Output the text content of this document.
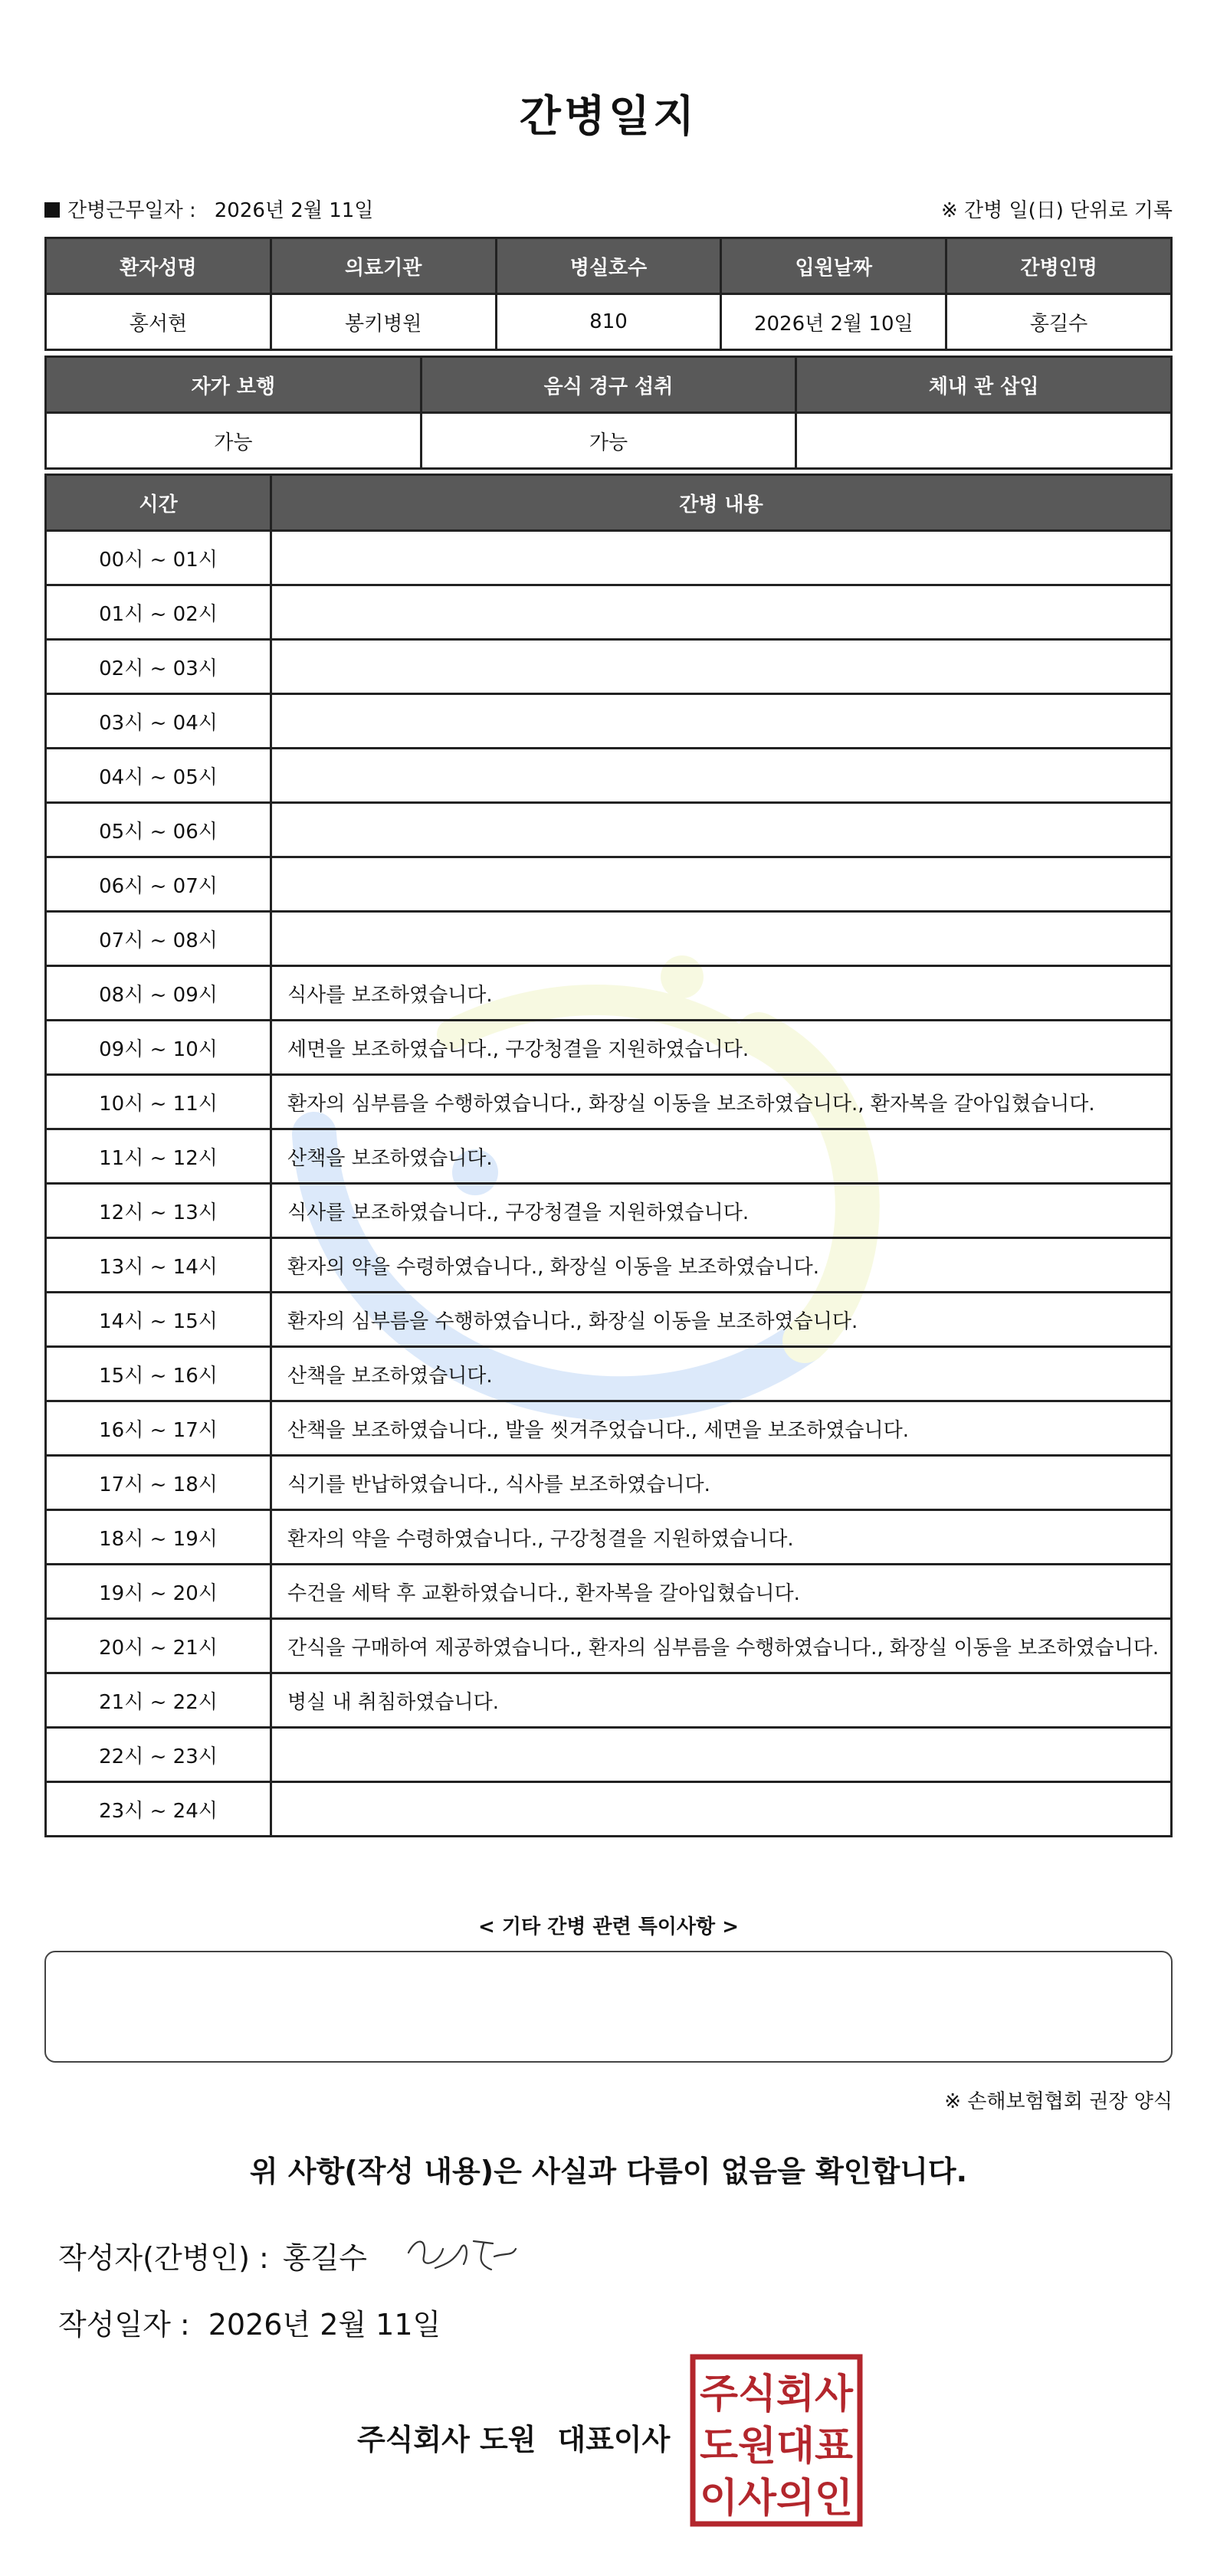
간병일지
간병근무일자 : 2026년 2월 11일	※ 간병 일(日) 단위로 기록
환자성명	의료기관	병실호수	입원날짜	간병인명
홍서현	봉키병원	810	2026년 2월 10일	홍길수
자가 보행	음식 경구 섭취	체내 관 삽입
가능	가능	
시간	간병 내용
00시 ~ 01시	
01시 ~ 02시	
02시 ~ 03시	
03시 ~ 04시	
04시 ~ 05시	
05시 ~ 06시	
06시 ~ 07시	
07시 ~ 08시	
08시 ~ 09시	식사를 보조하였습니다.
09시 ~ 10시	세면을 보조하였습니다., 구강청결을 지원하였습니다.
10시 ~ 11시	환자의 심부름을 수행하였습니다., 화장실 이동을 보조하였습니다., 환자복을 갈아입혔습니다.
11시 ~ 12시	산책을 보조하였습니다.
12시 ~ 13시	식사를 보조하였습니다., 구강청결을 지원하였습니다.
13시 ~ 14시	환자의 약을 수령하였습니다., 화장실 이동을 보조하였습니다.
14시 ~ 15시	환자의 심부름을 수행하였습니다., 화장실 이동을 보조하였습니다.
15시 ~ 16시	산책을 보조하였습니다.
16시 ~ 17시	산책을 보조하였습니다., 발을 씻겨주었습니다., 세면을 보조하였습니다.
17시 ~ 18시	식기를 반납하였습니다., 식사를 보조하였습니다.
18시 ~ 19시	환자의 약을 수령하였습니다., 구강청결을 지원하였습니다.
19시 ~ 20시	수건을 세탁 후 교환하였습니다., 환자복을 갈아입혔습니다.
20시 ~ 21시	간식을 구매하여 제공하였습니다., 환자의 심부름을 수행하였습니다., 화장실 이동을 보조하였습니다.
21시 ~ 22시	병실 내 취침하였습니다.
22시 ~ 23시	
23시 ~ 24시	
< 기타 간병 관련 특이사항 >
※ 손해보험협회 권장 양식
위 사항(작성 내용)은 사실과 다름이 없음을 확인합니다.
작성자(간병인) : 홍길수
작성일자 : 2026년 2월 11일
주식회사 도원 대표이사
주식회사
도원대표
이사의인
